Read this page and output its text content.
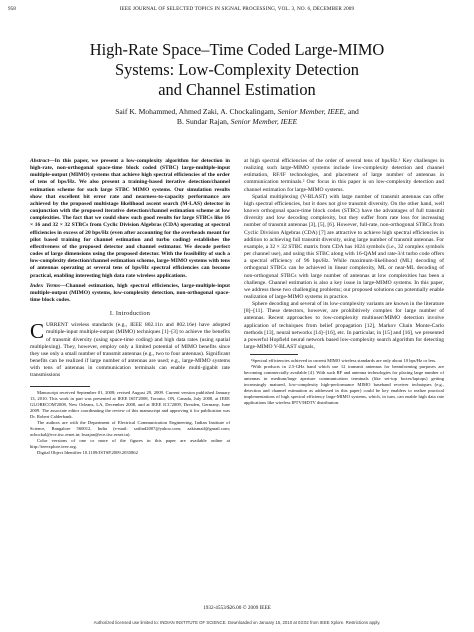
958	IEEE JOURNAL OF SELECTED TOPICS IN SIGNAL PROCESSING, VOL. 3, NO. 6, DECEMBER 2009
High-Rate Space–Time Coded Large-MIMO
Systems: Low-Complexity Detection
and Channel Estimation
Saif K. Mohammed, Ahmed Zaki, A. Chockalingam, Senior Member, IEEE, and
B. Sundar Rajan, Senior Member, IEEE

Abstract—In this paper, we present a low-complexity algorithm for detection in high-rate, non-orthogonal space-time block coded (STBC) large-multiple-input multiple-output (MIMO) systems that achieve high spectral efficiencies of the order of tens of bps/Hz. We also present a training-based iterative detection/channel estimation scheme for such large STBC MIMO systems. Our simulation results show that excellent bit error rate and nearness-to-capacity performance are achieved by the proposed multistage likelihood ascent search (M-LAS) detector in conjunction with the proposed iterative detection/channel estimation scheme at low complexities. The fact that we could show such good results for large STBCs like 16 × 16 and 32 × 32 STBCs from Cyclic Division Algebras (CDA) operating at spectral efficiencies in excess of 20 bps/Hz (even after accounting for the overheads meant for pilot based training for channel estimation and turbo coding) establishes the effectiveness of the proposed detector and channel estimator. We decode perfect codes of large dimensions using the proposed detector. With the feasibility of such a low-complexity detection/channel estimation scheme, large-MIMO systems with tens of antennas operating at several tens of bps/Hz spectral efficiencies can become practical, enabling interesting high data rate wireless applications.

Index Terms—Channel estimation, high spectral efficiencies, large-multiple-input multiple-output (MIMO) systems, low-complexity detection, non-orthogonal space-time block codes.

I. Introduction

CURRENT wireless standards (e.g., IEEE 802.11n and 802.16e) have adopted multiple-input multiple-output (MIMO) techniques [1]–[3] to achieve the benefits of transmit diversity (using space-time coding) and high data rates (using spatial multiplexing). They, however, employ only a limited potential of MIMO benefits since they use only a small number of transmit antennas (e.g., two to four antennas). Significant benefits can be realized if large number of antennas are used; e.g., large-MIMO systems with tens of antennas in communication terminals can enable multi-gigabit rate transmissions

Manuscript received September 01, 2008; revised August 29, 2009. Current version published January 13, 2010. This work in part was presented at IEEE ISIT'2008, Toronto, ON, Canada, July 2008, at IEEE GLOBECOM'2008, New Orleans, LA, December 2008, and at IEEE ICC'2009, Dresden, Germany, June 2009. The associate editor coordinating the review of this manuscript and approving it for publication was Dr. Robert Calderbank.

The authors are with the Department of Electrical Communication Engineering, Indian Institute of Science, Bangalore 560012, India (e-mail: saifind2007@yahoo.com; zakismail@gmail.com; achockal@ece.iisc.ernet.in; bsrajan@ece.iisc.ernet.in).

Color versions of one or more of the figures in this paper are available online at http://ieeexplore.ieee.org.

Digital Object Identifier 10.1109/JSTSP.2009.2035862

at high spectral efficiencies of the order of several tens of bps/Hz.¹ Key challenges in realizing such large-MIMO systems include low-complexity detection and channel estimation, RF/IF technologies, and placement of large number of antennas in communication terminals.² Our focus in this paper is on low-complexity detection and channel estimation for large-MIMO systems.

Spatial multiplexing (V-BLAST) with large number of transmit antennas can offer high spectral efficiencies, but it does not give transmit diversity. On the other hand, well known orthogonal space-time block codes (STBC) have the advantages of full transmit diversity and low decoding complexity, but they suffer from rate loss for increasing number of transmit antennas [3], [5], [6]. However, full-rate, non-orthogonal STBCs from Cyclic Division Algebras (CDA) [7] are attractive to achieve high spectral efficiencies in addition to achieving full transmit diversity, using large number of transmit antennas. For example, a 32 × 32 STBC matrix from CDA has 1024 symbols (i.e., 32 complex symbols per channel use), and using this STBC along with 16-QAM and rate-3/4 turbo code offers a spectral efficiency of 96 bps/Hz. While maximum-likelihood (ML) decoding of orthogonal STBCs can be achieved in linear complexity, ML or near-ML decoding of non-orthogonal STBCs with large number of antennas at low complexities has been a challenge. Channel estimation is also a key issue in large-MIMO systems. In this paper, we address these two challenging problems; our proposed solutions can potentially enable realization of large-MIMO systems in practice.

Sphere decoding and several of its low-complexity variants are known in the literature [8]–[11]. These detectors, however, are prohibitively complex for large number of antennas. Recent approaches to low-complexity multiuser/MIMO detection involve application of techniques from belief propagation [12], Markov Chain Monte-Carlo methods [13], neural networks [14]–[16], etc. In particular, in [15] and [16], we presented a powerful Hopfield neural network based low-complexity search algorithm for detecting large-MIMO V-BLAST signals,

¹Spectral efficiencies achieved in current MIMO wireless standards are only about 10 bps/Hz or less.

²With products in 2.5-GHz band which use 12 transmit antennas for beamforming purposes are becoming commercially available [4]. With such RF and antenna technologies for placing large number of antennas in medium/large aperture communication terminals (like set-top boxes/laptops) getting increasingly matured, low-complexity high-performance MIMO baseband receiver techniques (e.g., detection and channel estimation as addressed in this paper) could be key enablers to realize practical implementations of high spectral efficiency large-MIMO systems, which, in turn, can enable high data rate applications like wireless IPTV/HDTV distribution.

1932-4553/$26.00 © 2009 IEEE
Authorized licensed use limited to: INDIAN INSTITUTE OF SCIENCE. Downloaded on January 15, 2010 at 03:02 from IEEE Xplore. Restrictions apply.
